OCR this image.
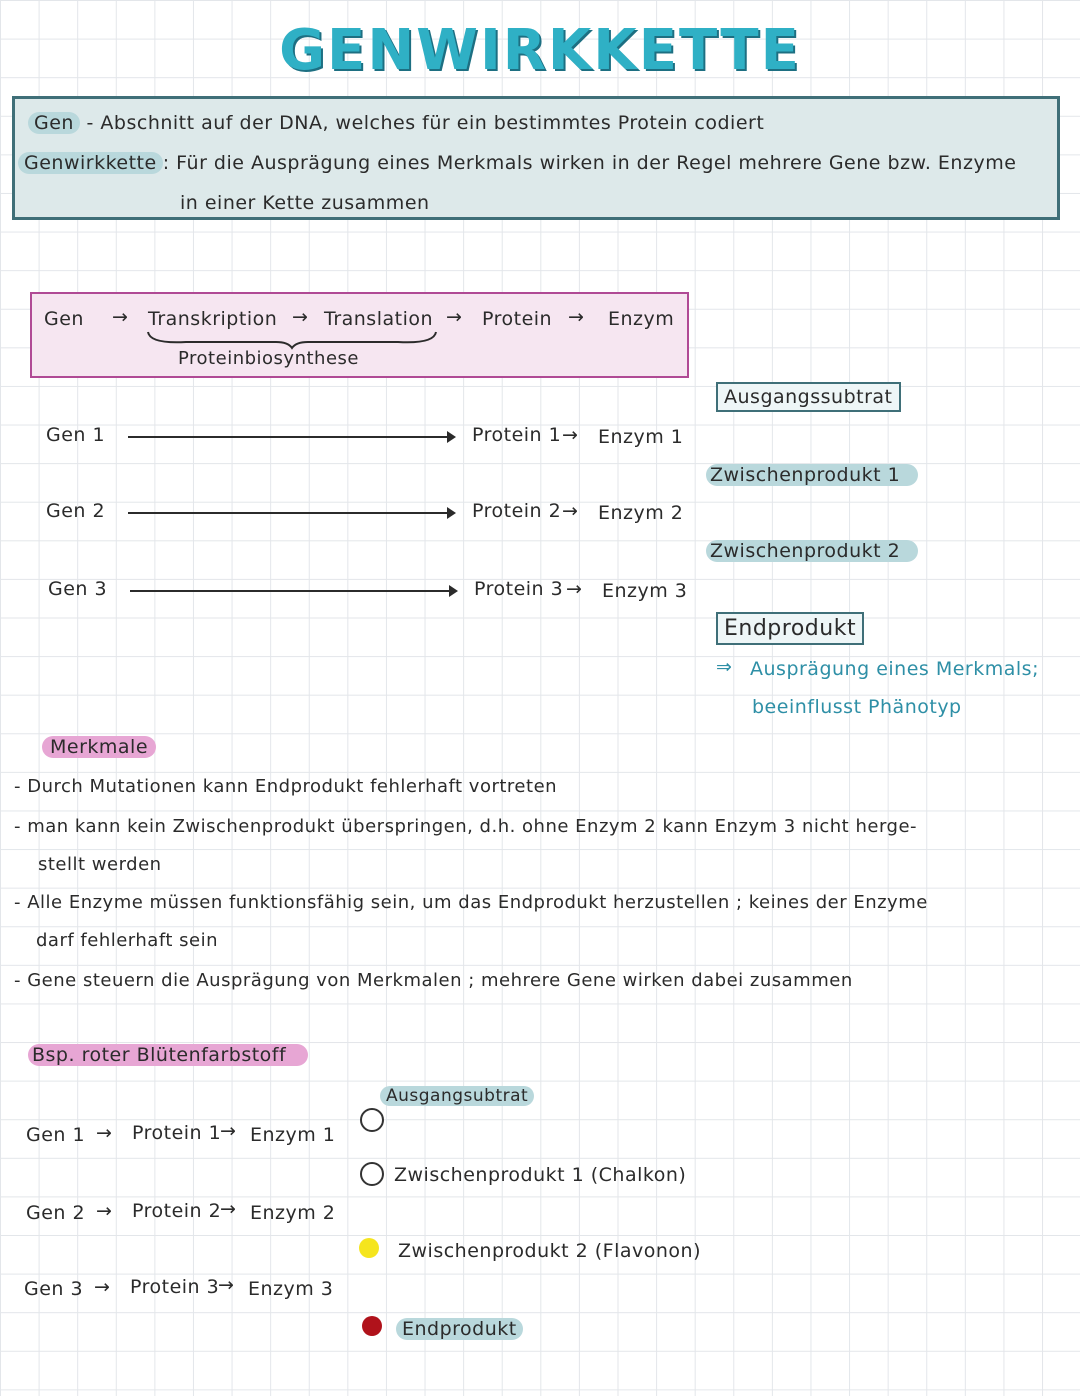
GENWIRKKETTE
Gen - Abschnitt auf der DNA, welches für ein bestimmtes Protein codiert
Genwirkkette : Für die Ausprägung eines Merkmals wirken in der Regel mehrere Gene bzw. Enzyme
in einer Kette zusammen
Gen → Transkription → Translation → Protein → Enzym
Proteinbiosynthese
Ausgangssubtrat
Gen 1	Protein 1 → Enzym 1
Zwischenprodukt 1
Gen 2	Protein 2 → Enzym 2
Zwischenprodukt 2
Gen 3	Protein 3 → Enzym 3
Endprodukt
⇒ Ausprägung eines Merkmals;
beeinflusst Phänotyp
Merkmale
- Durch Mutationen kann Endprodukt fehlerhaft vortreten
- man kann kein Zwischenprodukt überspringen, d.h. ohne Enzym 2 kann Enzym 3 nicht herge-
stellt werden
- Alle Enzyme müssen funktionsfähig sein, um das Endprodukt herzustellen ; keines der Enzyme
darf fehlerhaft sein
- Gene steuern die Ausprägung von Merkmalen ; mehrere Gene wirken dabei zusammen
Bsp. roter Blütenfarbstoff
Ausgangsubtrat
Gen 1 → Protein 1
→ Enzym 1
Gen 2 → Protein 2
→ Enzym 2
Gen 3 → Protein 3
→ Enzym 3
Zwischenprodukt 1 (Chalkon)
Zwischenprodukt 2 (Flavonon)
Endprodukt
